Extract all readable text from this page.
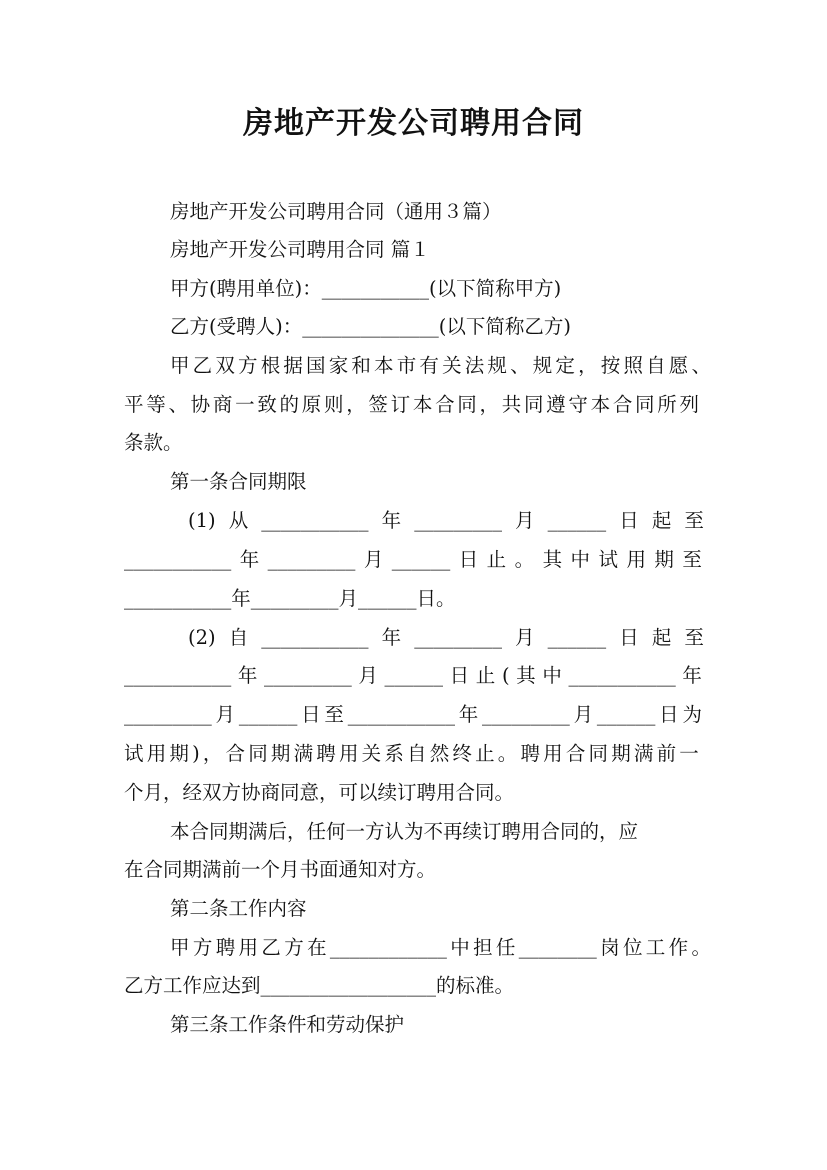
房地产开发公司聘用合同
房地产开发公司聘用合同（通用３篇）
房地产开发公司聘用合同 篇１
甲方(聘用单位)：___________(以下简称甲方)
乙方(受聘人)：______________(以下简称乙方)
甲 乙 双 方 根 据 国 家 和 本 市 有 关 法 规 、 规 定 ， 按 照 自 愿 、
平 等 、 协 商 一 致 的 原 则 ， 签 订 本 合 同 ， 共 同 遵 守 本 合 同 所 列
条款。
第一条合同期限
(1) 从 ___________ 年 _________ 月 ______ 日 起 至
___________ 年 _________ 月 ______ 日 止 。 其 中 试 用 期 至
___________年_________月______日。
(2) 自 ___________ 年 _________ 月 ______ 日 起 至
___________ 年 _________ 月 ______ 日 止 ( 其 中 ___________ 年
_________ 月 ______ 日 至 ___________ 年 _________ 月 ______ 日 为
试 用 期 ) ， 合 同 期 满 聘 用 关 系 自 然 终 止 。 聘 用 合 同 期 满 前 一
个月，经双方协商同意，可以续订聘用合同。
本合同期满后，任何一方认为不再续订聘用合同的，应
在合同期满前一个月书面通知对方。
第二条工作内容
甲 方 聘 用 乙 方 在 ____________ 中 担 任 ________ 岗 位 工 作 。
乙方工作应达到__________________的标准。
第三条工作条件和劳动保护
